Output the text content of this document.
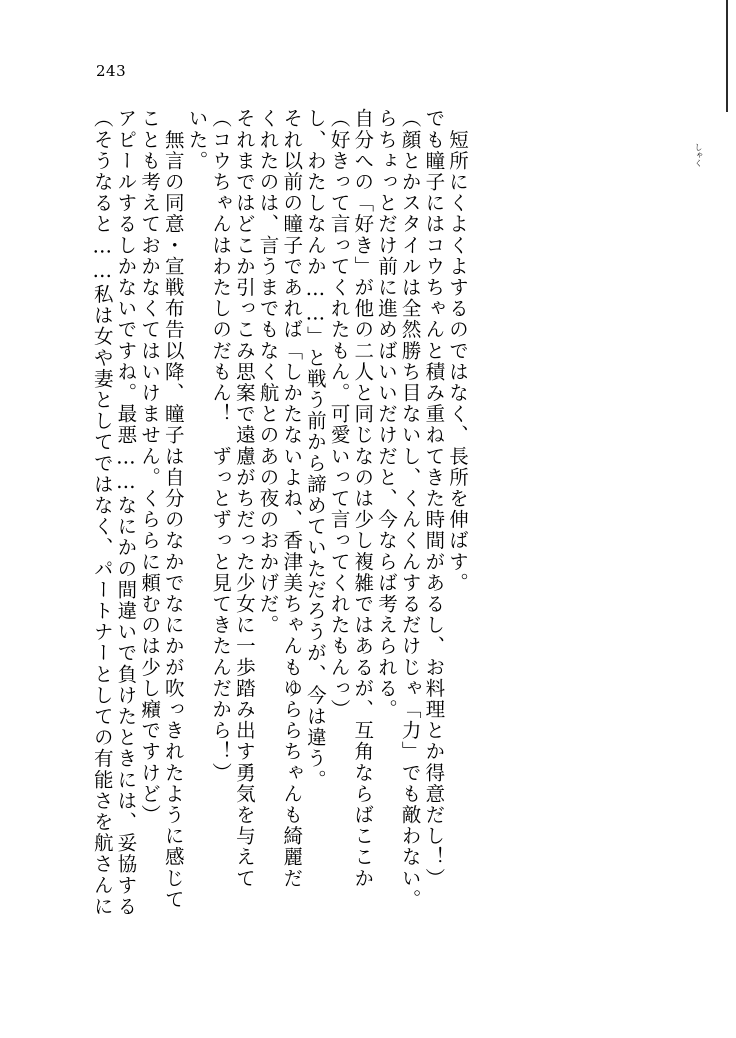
243
（そうなると……私は女や妻としてではなく、パートナーとしての有能さを航さんに アピールするしかないですね。最悪……なにかの間違いで負けたときには、妥協する ことも考えておかなくてはいけません。くららに頼むのは少し癪ですけど） 　無言の同意・宣戦布告以降、瞳子は自分のなかでなにかが吹っきれたように感じて いた。 （コウちゃんはわたしのだもん！　ずっとずっと見てきたんだから！） それまではどこか引っこみ思案で遠慮がちだった少女に一歩踏み出す勇気を与えて くれたのは、言うまでもなく航とのあの夜のおかげだ。 それ以前の瞳子であれば「しかたないよね、香津美ちゃんもゆららちゃんも綺麗だ し、わたしなんか……」と戦う前から諦めていただろうが、今は違う。 （好きって言ってくれたもん。可愛いって言ってくれたもんっ） 自分への「好き」が他の二人と同じなのは少し複雑ではあるが、互角ならばここか らちょっとだけ前に進めばいいだけだと、今ならば考えられる。 （顔とかスタイルは全然勝ち目ないし、くんくんするだけじゃ「力」でも敵わない。 でも瞳子にはコウちゃんと積み重ねてきた時間があるし、お料理とか得意だし！） 　短所にくよくよするのではなく、長所を伸ばす。	しゃく
